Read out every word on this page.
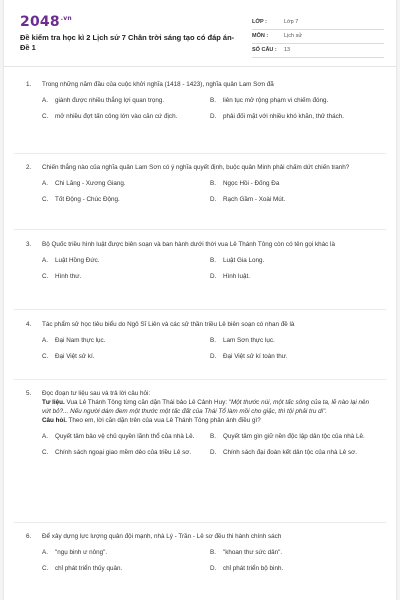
$2048^{.vn}$
Đề kiểm tra học kì 2 Lịch sử 7 Chân trời sáng tạo có đáp án- Đề 1
LỚP :	Lớp 7
MÔN :	Lịch sử
SỐ CÂU :	13
1. Trong những năm đầu của cuộc khởi nghĩa (1418 - 1423), nghĩa quân Lam Sơn đã
A.	giành được nhiều thắng lợi quan trọng.	B.	liên tục mở rộng phạm vi chiếm đóng.
C.	mở nhiều đợt tấn công lớn vào căn cứ địch.	D.	phải đối mặt với nhiều khó khăn, thử thách.
2. Chiến thắng nào của nghĩa quân Lam Sơn có ý nghĩa quyết định, buộc quân Minh phải chấm dứt chiến tranh?
A.	Chi Lăng - Xương Giang.	B.	Ngọc Hồi - Đống Đa
C.	Tốt Động - Chúc Động.	D.	Rạch Gầm - Xoài Mút.
3. Bộ Quốc triều hình luật được biên soạn và ban hành dưới thời vua Lê Thánh Tông còn có tên gọi khác là
A.	Luật Hồng Đức.	B.	Luật Gia Long.
C.	Hình thư.	D.	Hình luật.
4. Tác phẩm sử học tiêu biểu do Ngô Sĩ Liên và các sử thần triều Lê biên soạn có nhan đề là
A.	Đại Nam thực lục.	B.	Lam Sơn thực lục.
C.	Đại Việt sử kí.	D.	Đại Việt sử kí toàn thư.
5. Đọc đoạn tư liệu sau và trả lời câu hỏi:
Tư liệu. Vua Lê Thánh Tông từng căn dặn Thái bảo Lê Cảnh Huy: "Một thước núi, một tấc sông của ta, lẽ nào lại nên vứt bỏ?... Nếu người dám đem một thước một tấc đất của Thái Tổ làm mồi cho giặc, thì tội phải tru di".
Câu hỏi. Theo em, lời căn dặn trên của vua Lê Thánh Tông phản ánh điều gì?
A.	Quyết tâm bảo vệ chủ quyền lãnh thổ của nhà Lê.	B.	Quyết tâm gìn giữ nền độc lập dân tộc của nhà Lê.
C.	Chính sách ngoại giao mềm dẻo của triều Lê sơ.	D.	Chính sách đại đoàn kết dân tộc của nhà Lê sơ.
6. Để xây dựng lực lượng quân đội mạnh, nhà Lý - Trần - Lê sơ đều thi hành chính sách
A.	"ngụ binh ư nông".	B.	"khoan thư sức dân".
C.	chỉ phát triển thủy quân.	D.	chỉ phát triển bộ binh.
